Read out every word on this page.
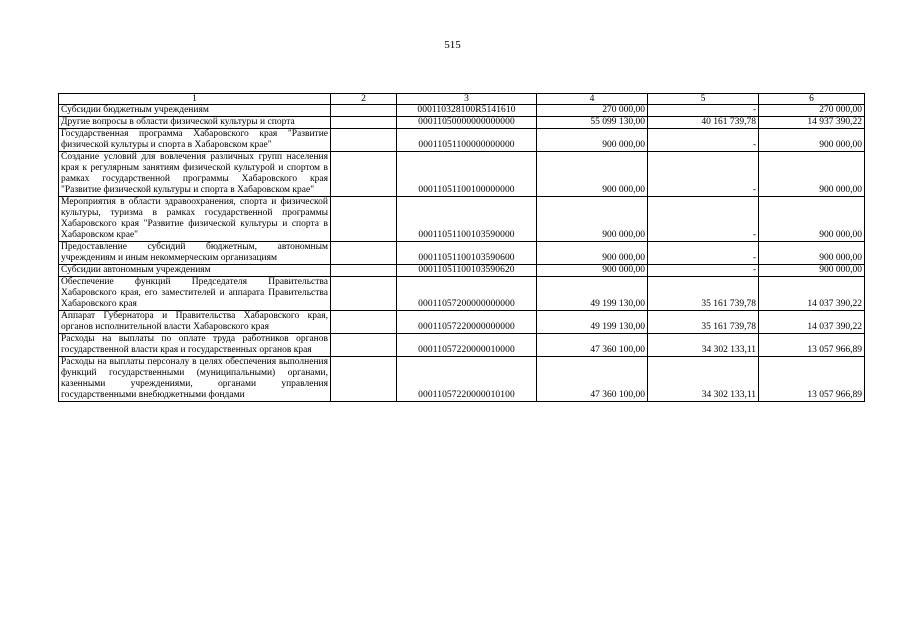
515
1	2	3	4	5	6
Субсидии бюджетным учреждениям		000110328100R5141610	270 000,00	-	270 000,00
Другие вопросы в области физической культуры и спорта		00011050000000000000	55 099 130,00	40 161 739,78	14 937 390,22
Государственная программа Хабаровского края "Развитие физической культуры и спорта в Хабаровском крае"		00011051100000000000	900 000,00	-	900 000,00
Создание условий для вовлечения различных групп населения края к регулярным занятиям физической культурой и спортом в рамках государственной программы Хабаровского края "Развитие физической культуры и спорта в Хабаровском крае"		00011051100100000000	900 000,00	-	900 000,00
Мероприятия в области здравоохранения, спорта и физической культуры, туризма в рамках государственной программы Хабаровского края "Развитие физической культуры и спорта в Хабаровском крае"		00011051100103590000	900 000,00	-	900 000,00
Предоставление субсидий бюджетным, автономным учреждениям и иным некоммерческим организациям		00011051100103590600	900 000,00	-	900 000,00
Субсидии автономным учреждениям		00011051100103590620	900 000,00	-	900 000,00
Обеспечение функций Председателя Правительства Хабаровского края, его заместителей и аппарата Правительства Хабаровского края		00011057200000000000	49 199 130,00	35 161 739,78	14 037 390,22
Аппарат Губернатора и Правительства Хабаровского края, органов исполнительной власти Хабаровского края		00011057220000000000	49 199 130,00	35 161 739,78	14 037 390,22
Расходы на выплаты по оплате труда работников органов государственной власти края и государственных органов края		00011057220000010000	47 360 100,00	34 302 133,11	13 057 966,89
Расходы на выплаты персоналу в целях обеспечения выполнения функций государственными (муниципальными) органами, казенными учреждениями, органами управления государственными внебюджетными фондами		00011057220000010100	47 360 100,00	34 302 133,11	13 057 966,89
